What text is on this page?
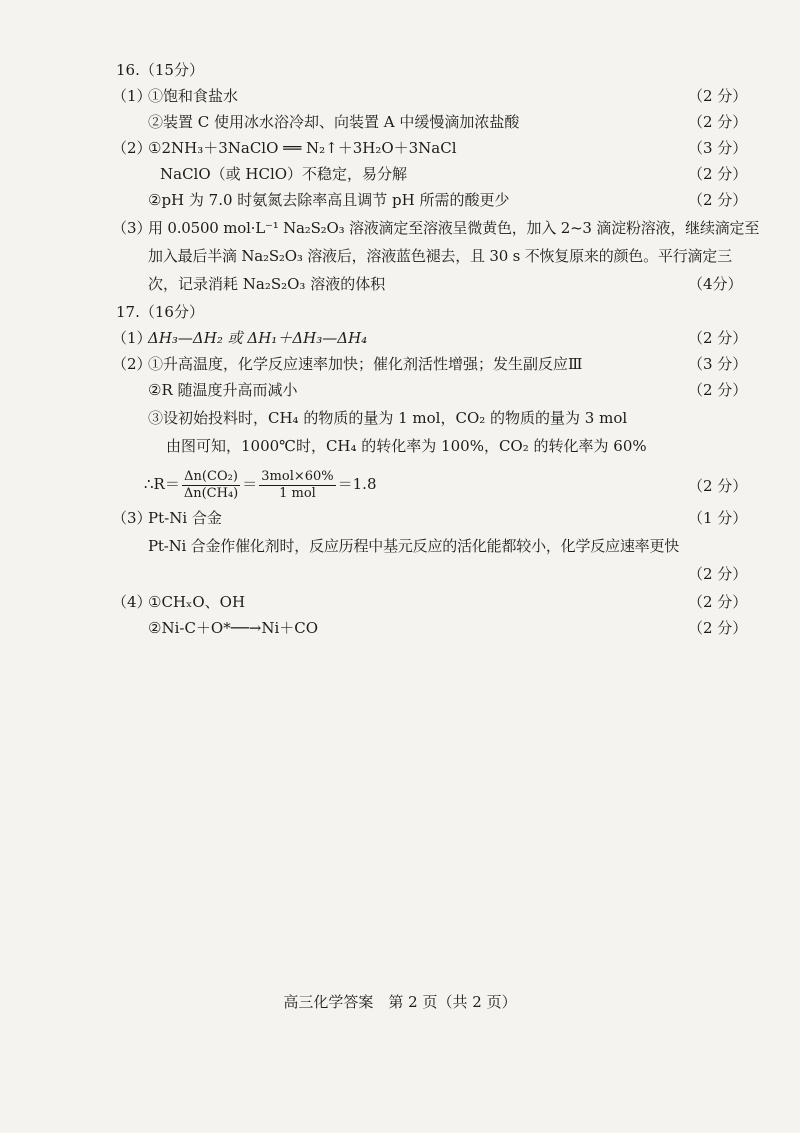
16.（15分）
（1）
①饱和食盐水	（2 分）
②装置 C 使用冰水浴冷却、向装置 A 中缓慢滴加浓盐酸	（2 分）
（2）
①2NH₃＋3NaClO ══ N₂↑＋3H₂O＋3NaCl	（3 分）
NaClO（或 HClO）不稳定，易分解	（2 分）
②pH 为 7.0 时氨氮去除率高且调节 pH 所需的酸更少	（2 分）
（3）
用 0.0500 mol·L⁻¹ Na₂S₂O₃ 溶液滴定至溶液呈微黄色，加入 2~3 滴淀粉溶液，继续滴定至
加入最后半滴 Na₂S₂O₃ 溶液后，溶液蓝色褪去，且 30 s 不恢复原来的颜色。平行滴定三
次，记录消耗 Na₂S₂O₃ 溶液的体积	（4分）
17.（16分）
（1）
ΔH₃—ΔH₂ 或 ΔH₁＋ΔH₃—ΔH₄	（2 分）
（2）
①升高温度，化学反应速率加快；催化剂活性增强；发生副反应Ⅲ	（3 分）
②R 随温度升高而减小	（2 分）
③设初始投料时，CH₄ 的物质的量为 1 mol，CO₂ 的物质的量为 3 mol
由图可知，1000℃时，CH₄ 的转化率为 100%，CO₂ 的转化率为 60%
∴R＝ $\frac{\text{Δn(CO₂)}}{\text{Δn(CH₄)}} = \frac{\text{3mol×60\%}}{\text{1 mol}} =1.8$	（2 分）
（3）
Pt-Ni 合金	（1 分）
Pt-Ni 合金作催化剂时，反应历程中基元反应的活化能都较小，化学反应速率更快
（2 分）
（4）
①CHₓO、OH	（2 分）
②Ni-C＋O*──→Ni＋CO	（2 分）
高三化学答案　第 2 页（共 2 页）
